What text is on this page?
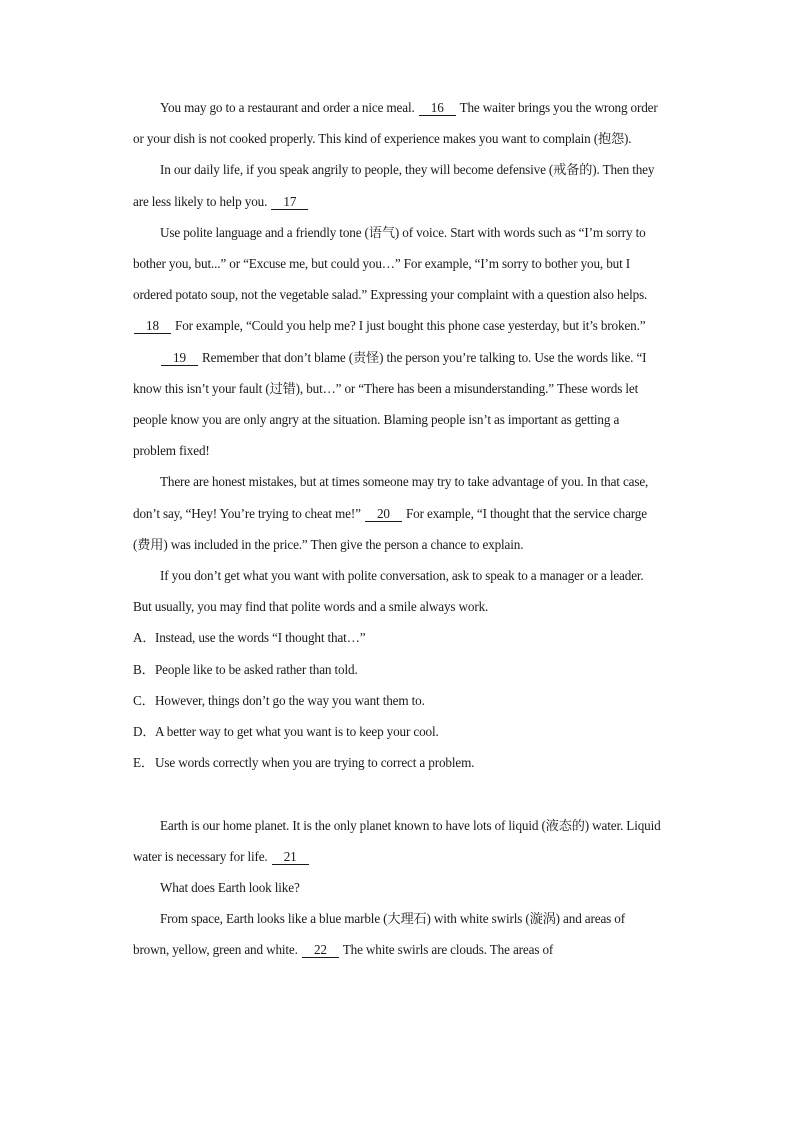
You may go to a restaurant and order a nice meal. 16 The waiter brings you the wrong order or your dish is not cooked properly. This kind of experience makes you want to complain (抱怨).

In our daily life, if you speak angrily to people, they will become defensive (戒备的). Then they are less likely to help you. 17

Use polite language and a friendly tone (语气) of voice. Start with words such as “I’m sorry to bother you, but...” or “Excuse me, but could you…” For example, “I’m sorry to bother you, but I ordered potato soup, not the vegetable salad.” Expressing your complaint with a question also helps. 18 For example, “Could you help me? I just bought this phone case yesterday, but it’s broken.”

19 Remember that don’t blame (责怪) the person you’re talking to. Use the words like. “I know this isn’t your fault (过错), but…” or “There has been a misunderstanding.” These words let people know you are only angry at the situation. Blaming people isn’t as important as getting a problem fixed!

There are honest mistakes, but at times someone may try to take advantage of you. In that case, don’t say, “Hey! You’re trying to cheat me!” 20 For example, “I thought that the service charge (费用) was included in the price.” Then give the person a chance to explain.

If you don’t get what you want with polite conversation, ask to speak to a manager or a leader. But usually, you may find that polite words and a smile always work.

A．Instead, use the words “I thought that…”

B．People like to be asked rather than told.

C．However, things don’t go the way you want them to.

D．A better way to get what you want is to keep your cool.

E．Use words correctly when you are trying to correct a problem.

Earth is our home planet. It is the only planet known to have lots of liquid (液态的) water. Liquid water is necessary for life. 21

What does Earth look like?

From space, Earth looks like a blue marble (大理石) with white swirls (漩涡) and areas of brown, yellow, green and white. 22 The white swirls are clouds. The areas of
